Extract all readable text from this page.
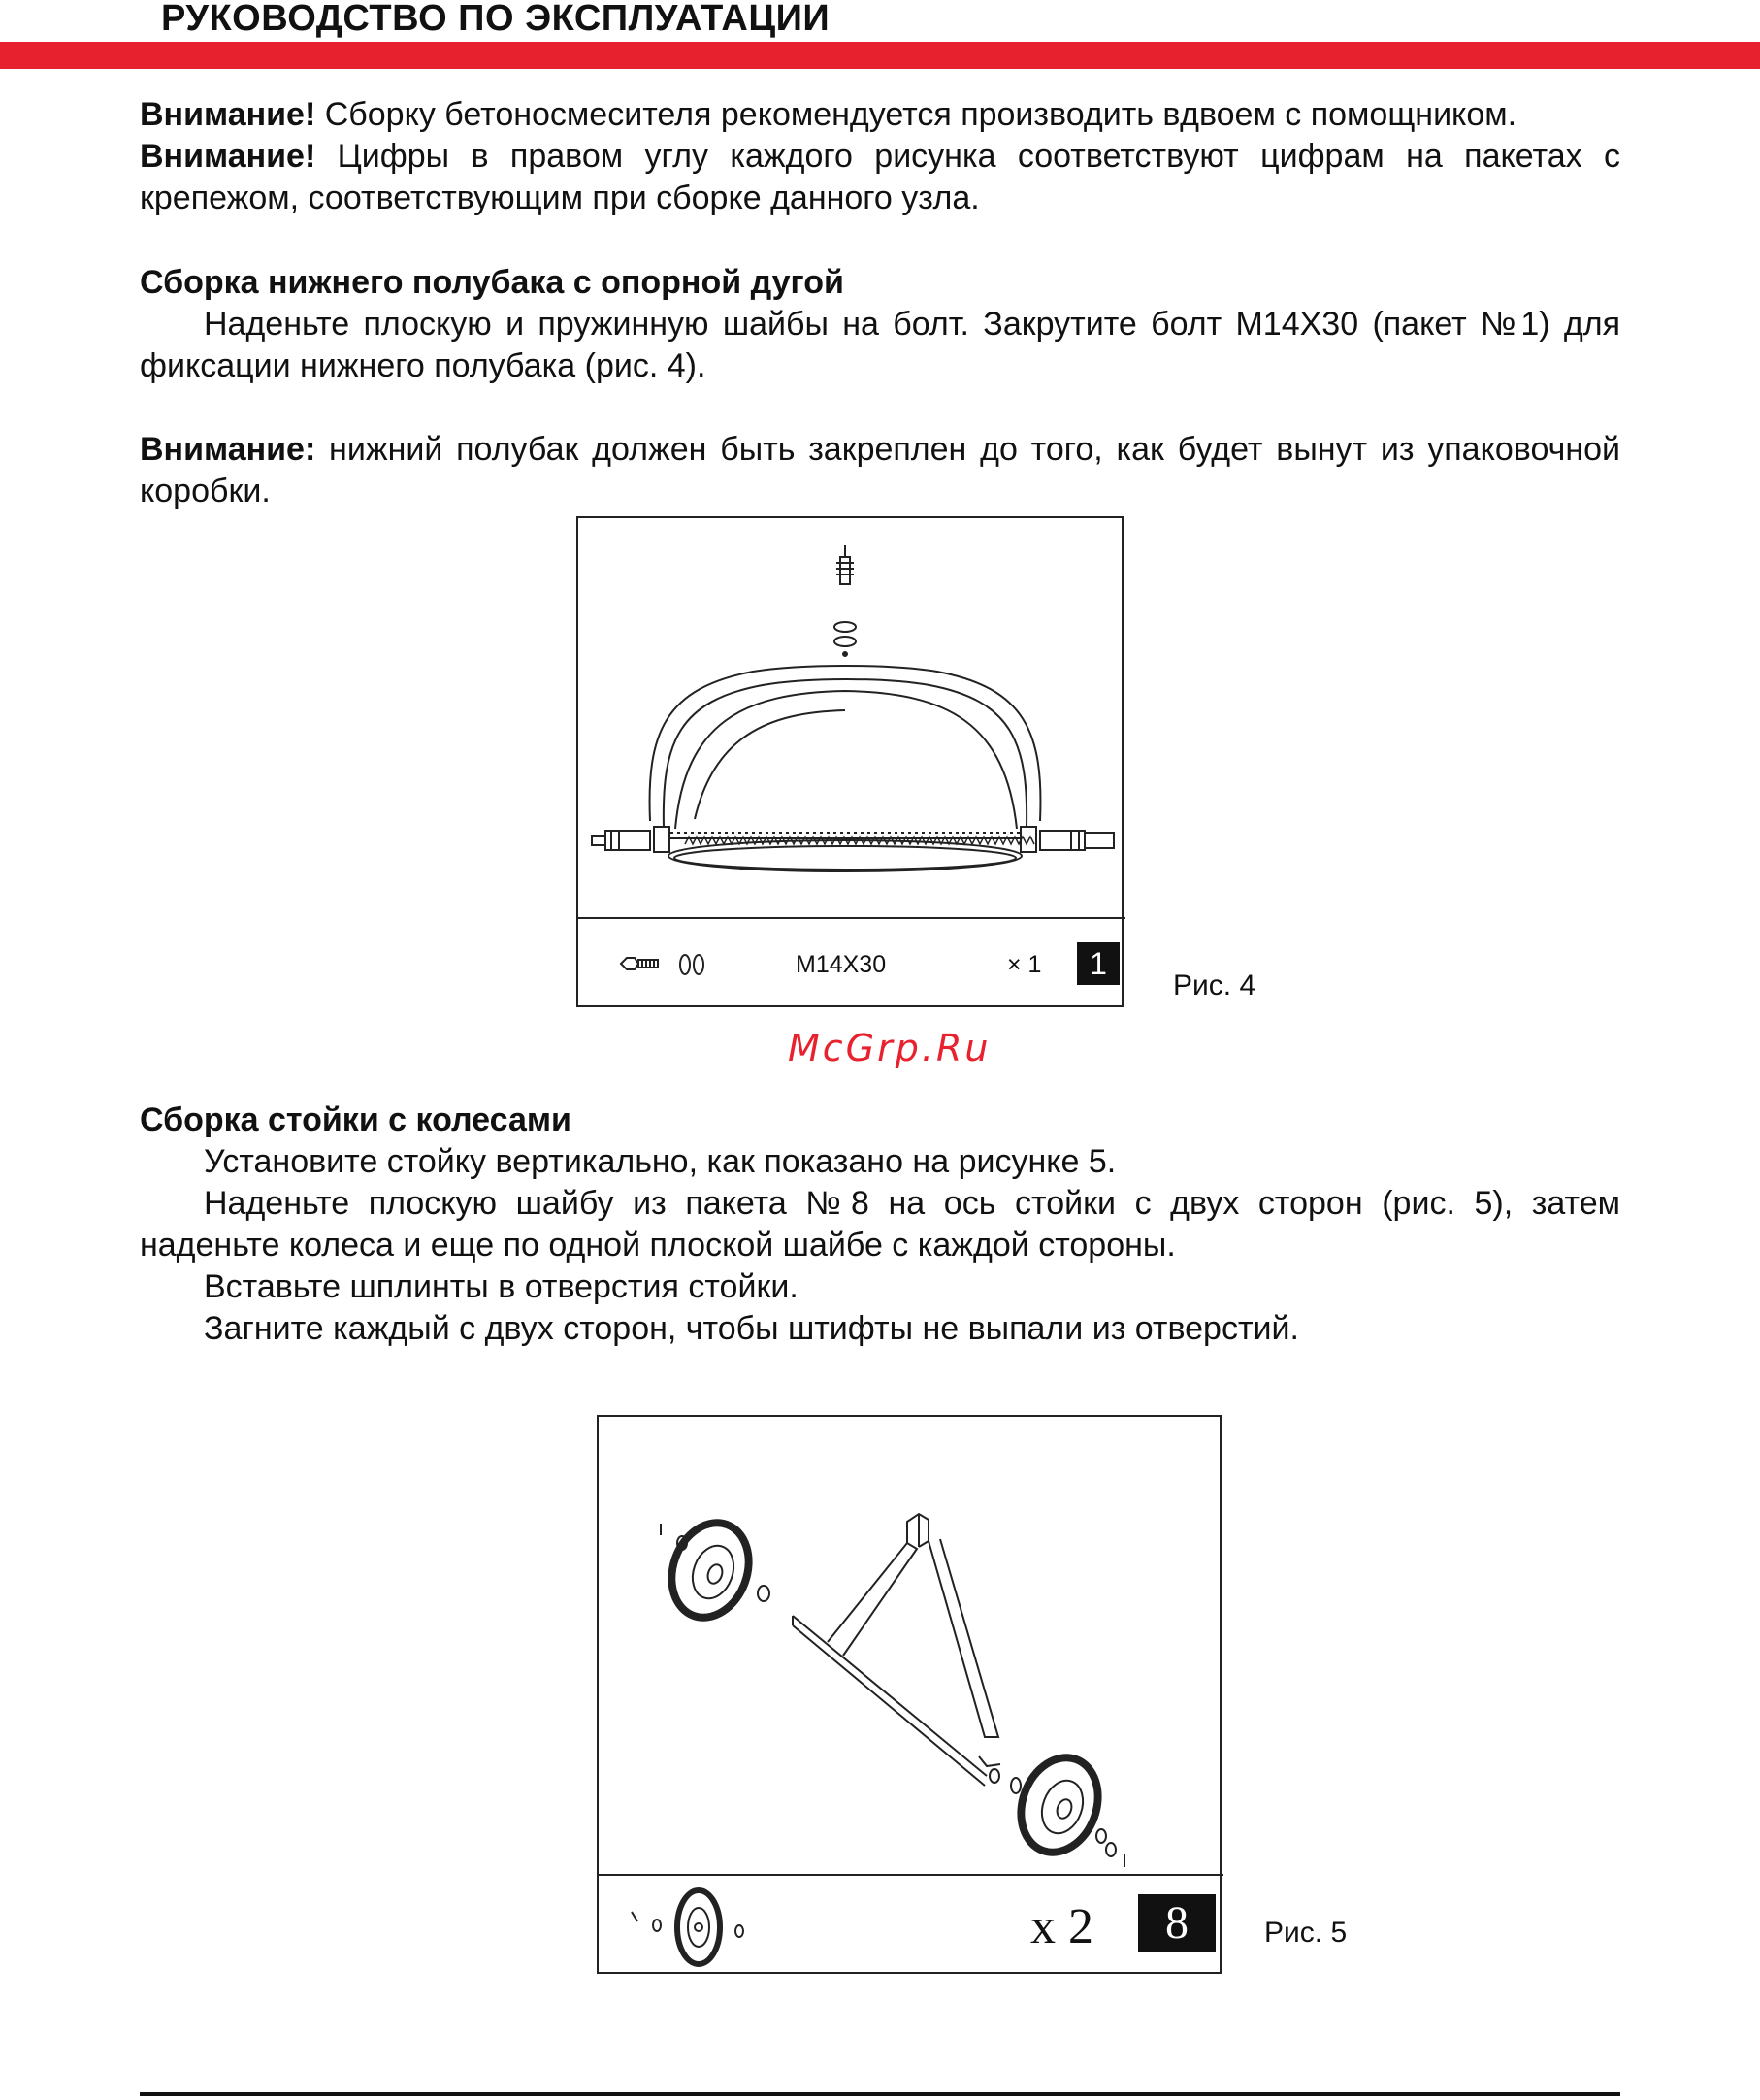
РУКОВОДСТВО ПО ЭКСПЛУАТАЦИИ
Внимание! Сборку бетоносмесителя рекомендуется производить вдвоем с помощником.
Внимание! Цифры в правом углу каждого рисунка соответствуют цифрам на пакетах с крепежом, соответствующим при сборке данного узла.
Сборка нижнего полубака с опорной дугой
Наденьте плоскую и пружинную шайбы на болт. Закрутите болт M14X30 (пакет №1) для фиксации нижнего полубака (рис. 4).
Внимание: нижний полубак должен быть закреплен до того, как будет вынут из упаковочной коробки.
M14X30	× 1	1
Рис. 4
McGrp.Ru
Сборка стойки с колесами
Установите стойку вертикально, как показано на рисунке 5.
Наденьте плоскую шайбу из пакета №8 на ось стойки с двух сторон (рис. 5), затем наденьте колеса и еще по одной плоской шайбе с каждой стороны.
Вставьте шплинты в отверстия стойки.
Загните каждый с двух сторон, чтобы штифты не выпали из отверстий.
x 2	8	Рис. 5
